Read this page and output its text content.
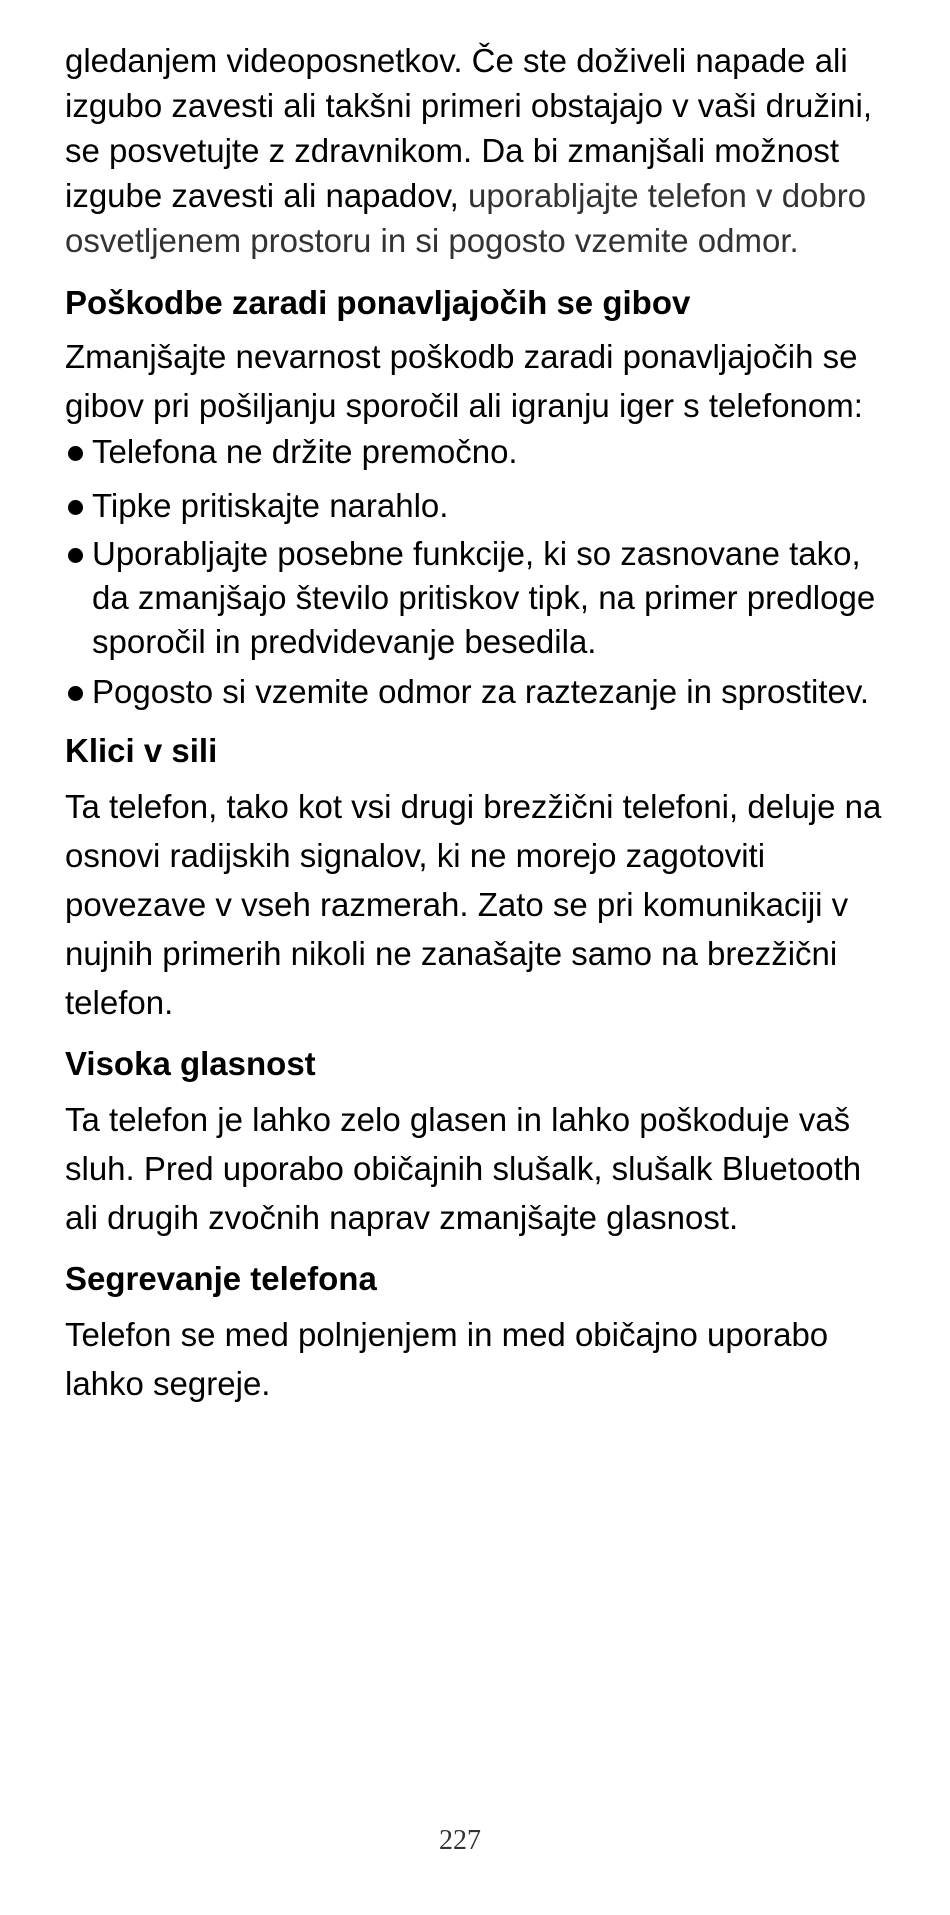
gledanjem videoposnetkov. Če ste doživeli napade ali izgubo zavesti ali takšni primeri obstajajo v vaši družini, se posvetujte z zdravnikom. Da bi zmanjšali možnost izgube zavesti ali napadov, uporabljajte telefon v dobro osvetljenem prostoru in si pogosto vzemite odmor.

Poškodbe zaradi ponavljajočih se gibov

Zmanjšajte nevarnost poškodb zaradi ponavljajočih se gibov pri pošiljanju sporočil ali igranju iger s telefonom:

Telefona ne držite premočno.
Tipke pritiskajte narahlo.
Uporabljajte posebne funkcije, ki so zasnovane tako, da zmanjšajo število pritiskov tipk, na primer predloge sporočil in predvidevanje besedila.
Pogosto si vzemite odmor za raztezanje in sprostitev.
Klici v sili

Ta telefon, tako kot vsi drugi brezžični telefoni, deluje na osnovi radijskih signalov, ki ne morejo zagotoviti povezave v vseh razmerah. Zato se pri komunikaciji v nujnih primerih nikoli ne zanašajte samo na brezžični telefon.

Visoka glasnost

Ta telefon je lahko zelo glasen in lahko poškoduje vaš sluh. Pred uporabo običajnih slušalk, slušalk Bluetooth ali drugih zvočnih naprav zmanjšajte glasnost.

Segrevanje telefona

Telefon se med polnjenjem in med običajno uporabo lahko segreje.

227
